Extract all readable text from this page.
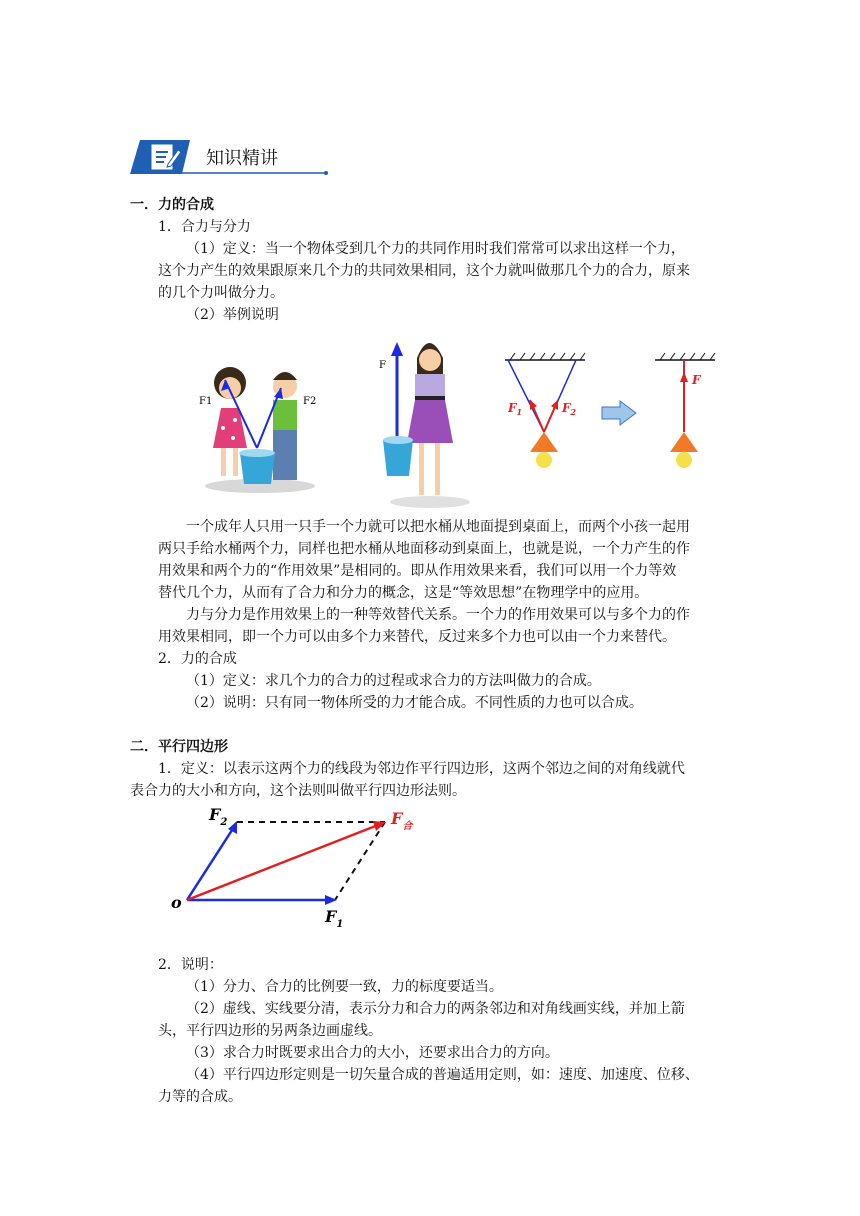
知识精讲
一．力的合成
1．合力与分力
（1）定义：当一个物体受到几个力的共同作用时我们常常可以求出这样一个力，
这个力产生的效果跟原来几个力的共同效果相同，这个力就叫做那几个力的合力，原来
的几个力叫做分力。
（2）举例说明
F1	F2
F
$F_1$	$F_2$
F
一个成年人只用一只手一个力就可以把水桶从地面提到桌面上，而两个小孩一起用
两只手给水桶两个力，同样也把水桶从地面移动到桌面上，也就是说，一个力产生的作
用效果和两个力的“作用效果”是相同的。即从作用效果来看，我们可以用一个力等效
替代几个力，从而有了合力和分力的概念，这是“等效思想”在物理学中的应用。
力与分力是作用效果上的一种等效替代关系。一个力的作用效果可以与多个力的作
用效果相同，即一个力可以由多个力来替代，反过来多个力也可以由一个力来替代。
2．力的合成
（1）定义：求几个力的合力的过程或求合力的方法叫做力的合成。
（2）说明：只有同一物体所受的力才能合成。不同性质的力也可以合成。
二．平行四边形
1．定义：以表示这两个力的线段为邻边作平行四边形，这两个邻边之间的对角线就代
表合力的大小和方向，这个法则叫做平行四边形法则。
o
$F_1$
$F_2$	$F_合$
2．说明：
（1）分力、合力的比例要一致，力的标度要适当。
（2）虚线、实线要分清，表示分力和合力的两条邻边和对角线画实线，并加上箭
头，平行四边形的另两条边画虚线。
（3）求合力时既要求出合力的大小，还要求出合力的方向。
（4）平行四边形定则是一切矢量合成的普遍适用定则，如：速度、加速度、位移、
力等的合成。
